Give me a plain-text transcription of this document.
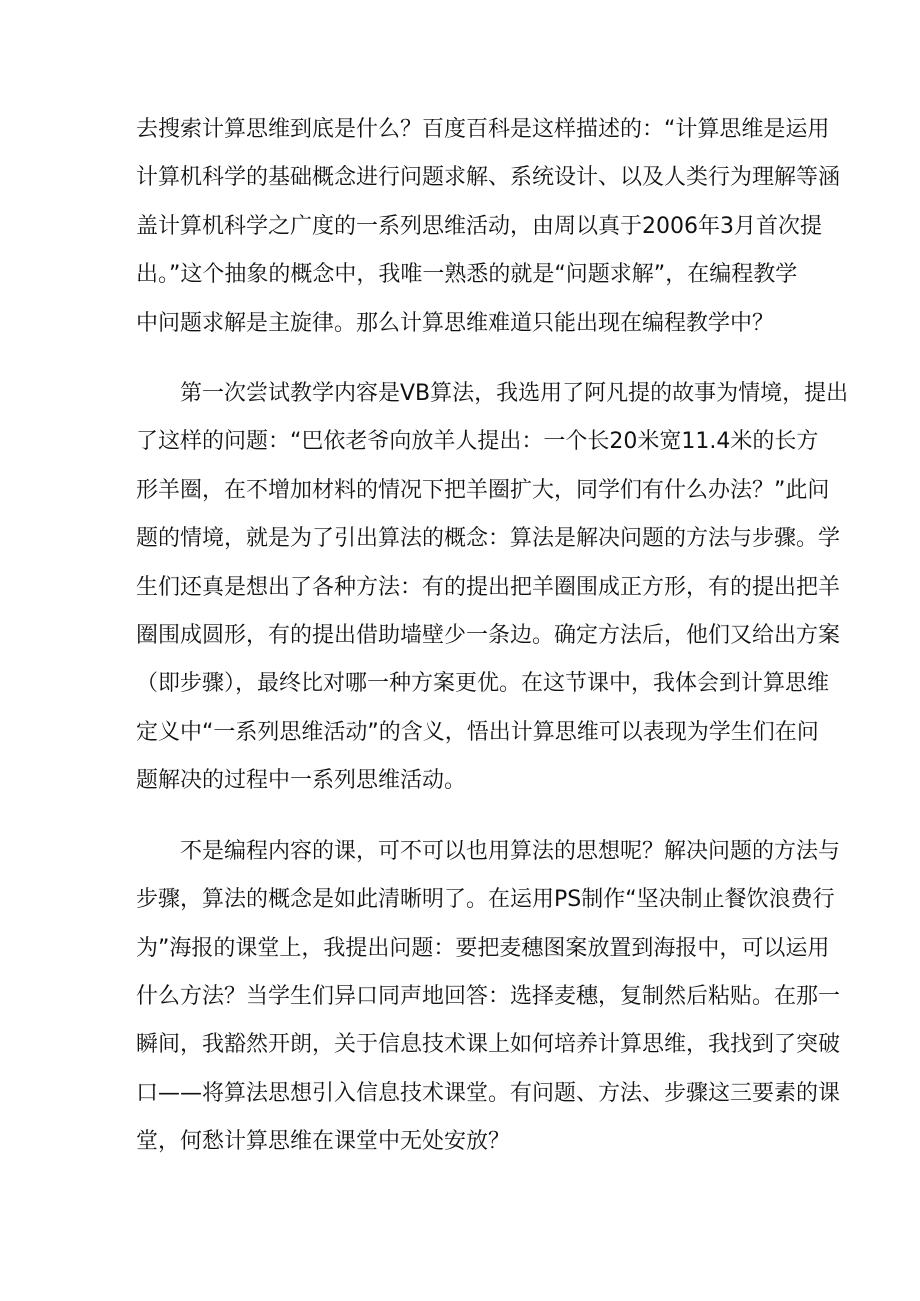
去搜索计算思维到底是什么？百度百科是这样描述的：“计算思维是运用
计算机科学的基础概念进行问题求解、系统设计、以及人类行为理解等涵
盖计算机科学之广度的一系列思维活动，由周以真于2006年3月首次提
出。”这个抽象的概念中，我唯一熟悉的就是“问题求解”，在编程教学
中问题求解是主旋律。那么计算思维难道只能出现在编程教学中？

　　第一次尝试教学内容是VB算法，我选用了阿凡提的故事为情境，提出
了这样的问题：“巴依老爷向放羊人提出：一个长20米宽11.4米的长方
形羊圈，在不增加材料的情况下把羊圈扩大，同学们有什么办法？”此问
题的情境，就是为了引出算法的概念：算法是解决问题的方法与步骤。学
生们还真是想出了各种方法：有的提出把羊圈围成正方形，有的提出把羊
圈围成圆形，有的提出借助墙壁少一条边。确定方法后，他们又给出方案
（即步骤），最终比对哪一种方案更优。在这节课中，我体会到计算思维
定义中“一系列思维活动”的含义，悟出计算思维可以表现为学生们在问
题解决的过程中一系列思维活动。

　　不是编程内容的课，可不可以也用算法的思想呢？解决问题的方法与
步骤，算法的概念是如此清晰明了。在运用PS制作“坚决制止餐饮浪费行
为”海报的课堂上，我提出问题：要把麦穗图案放置到海报中，可以运用
什么方法？当学生们异口同声地回答：选择麦穗，复制然后粘贴。在那一
瞬间，我豁然开朗，关于信息技术课上如何培养计算思维，我找到了突破
口——将算法思想引入信息技术课堂。有问题、方法、步骤这三要素的课
堂，何愁计算思维在课堂中无处安放？
